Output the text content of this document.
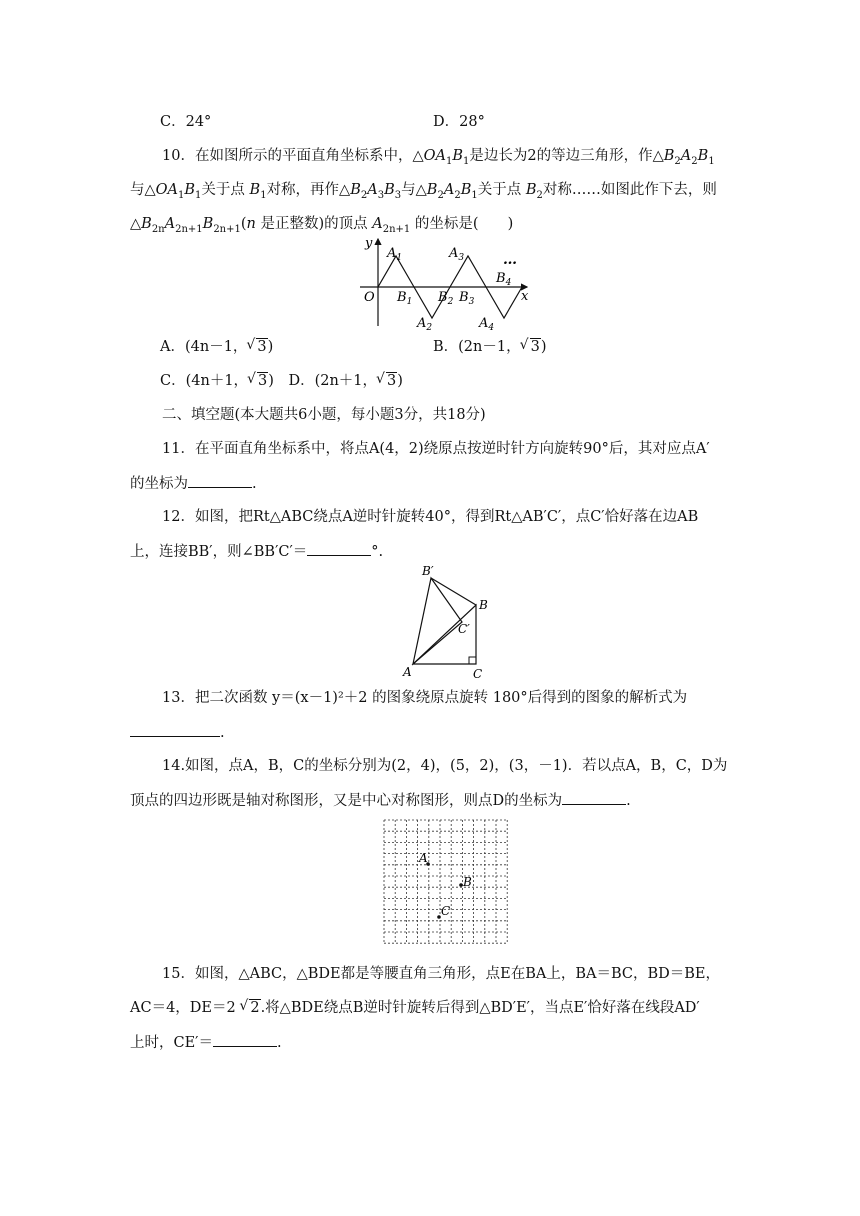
C．24°	D．28°
10．在如图所示的平面直角坐标系中，$\triangle OA_1B_1$是边长为2的等边三角形，作$\triangle B_2A_2B_1$
与$\triangle OA_1B_1$关于点 $B_1$对称，再作$\triangle B_2A_3B_3$与$\triangle B_2A_2B_1$关于点 $B_2$对称……如图此作下去，则
$\triangle B_{2n}A_{2n+1}B_{2n+1}(n$ 是正整数)的顶点 $A_{2n+1}$ 的坐标是(　　)
y
x
O
$A_1$	$A_3$
$A_2$	$A_4$
$B_1$ $B_2$ $B_3$
$B_4$
…
A．(4n－1， √ 3)	B．(2n－1， √ 3)
C．(4n＋1， √ 3)　 D．(2n＋1， √ 3)
二、填空题(本大题共6小题，每小题3分，共18分)
11．在平面直角坐标系中，将点A(4，2)绕原点按逆时针方向旋转90°后，其对应点A′
的坐标为	.
12．如图，把Rt△ABC绕点A逆时针旋转40°，得到Rt△AB′C′，点C′恰好落在边AB
上，连接BB′，则∠BB′C′＝	°.
B′
B
C′
A	C
13．把二次函数 y＝(x－1)²＋2 的图象绕原点旋转 180°后得到的图象的解析式为
.
14.如图，点A，B，C的坐标分别为(2，4)，(5，2)，(3，－1)．若以点A，B，C，D为
顶点的四边形既是轴对称图形，又是中心对称图形，则点D的坐标为	.
A
B
C
15．如图，△ABC，△BDE都是等腰直角三角形，点E在BA上，BA＝BC，BD＝BE，
AC＝4，DE＝2 √ 2.将△BDE绕点B逆时针旋转后得到△BD′E′，当点E′恰好落在线段AD′
上时，CE′＝	.
